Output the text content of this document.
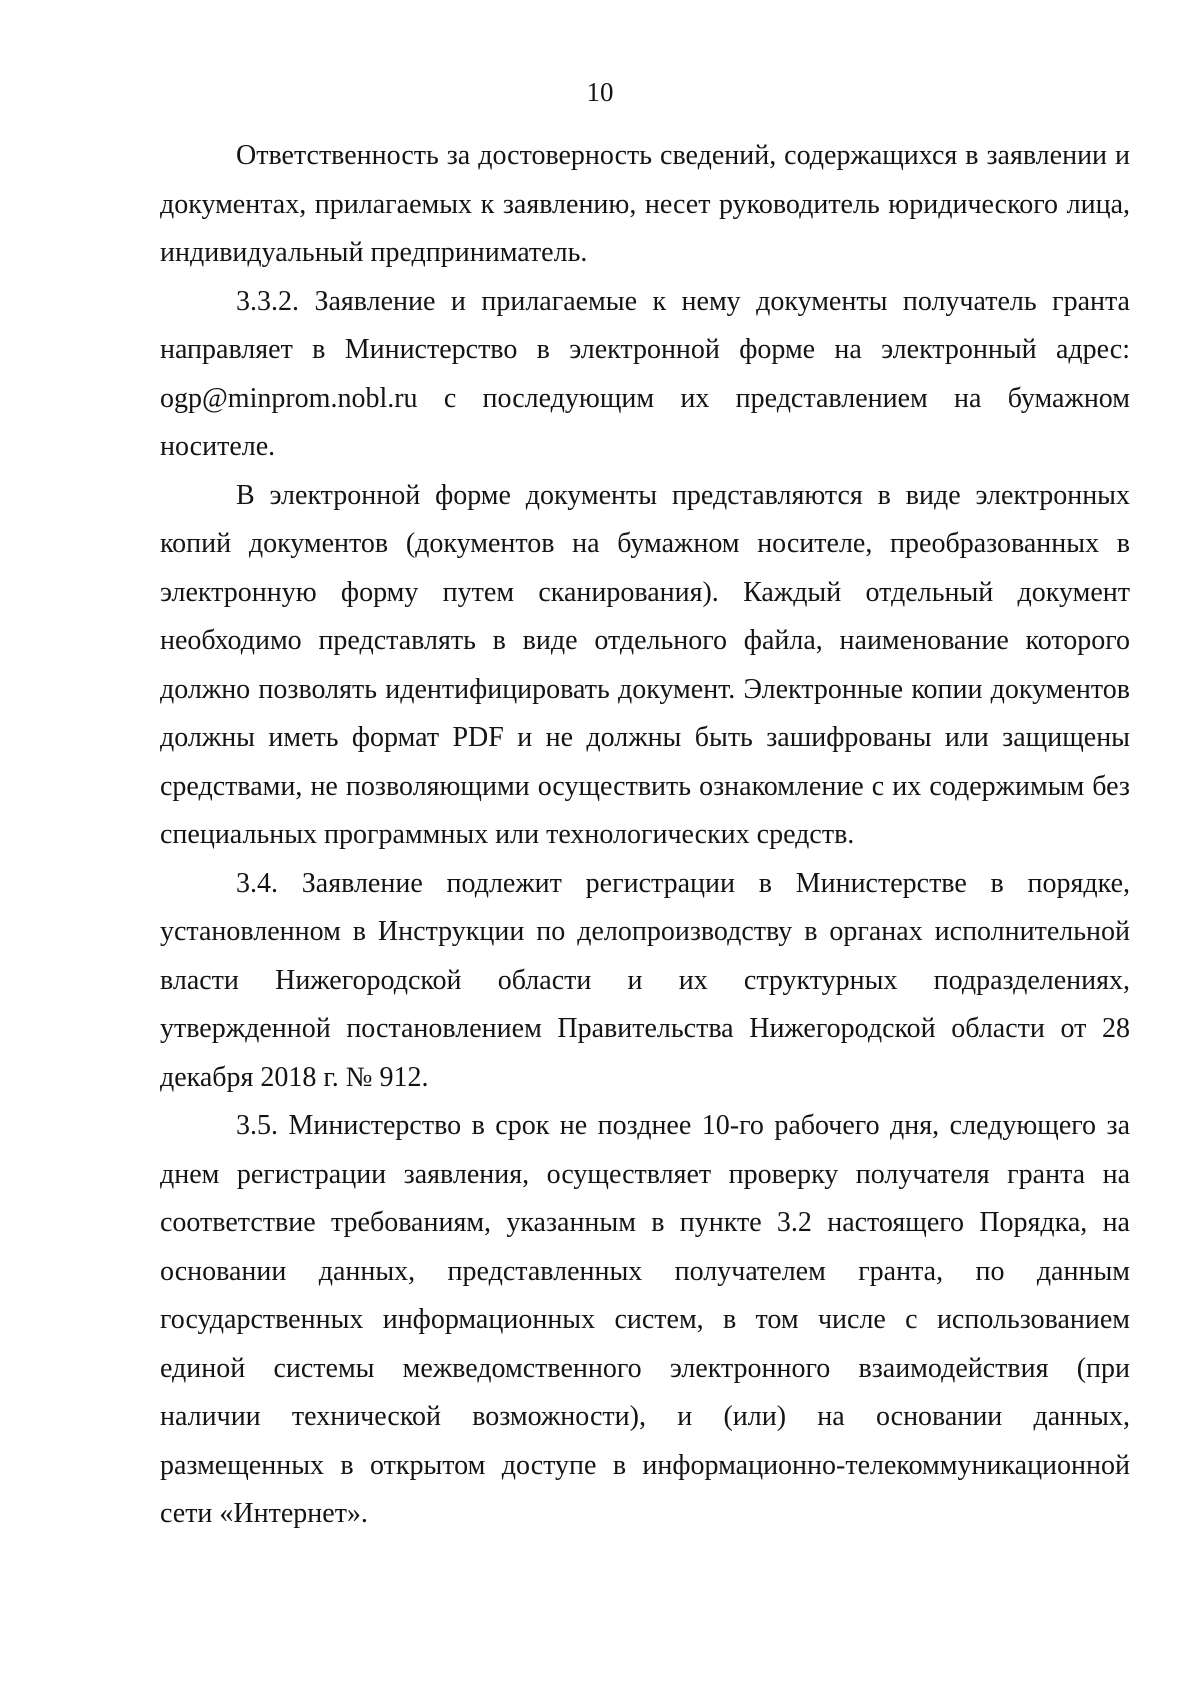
10

Ответственность за достоверность сведений, содержащихся в заявлении и документах, прилагаемых к заявлению, несет руководитель юридического лица, индивидуальный предприниматель.

3.3.2. Заявление и прилагаемые к нему документы получатель гранта направляет в Министерство в электронной форме на электронный адрес: ogp@minprom.nobl.ru с последующим их представлением на бумажном носителе.

В электронной форме документы представляются в виде электронных копий документов (документов на бумажном носителе, преобразованных в электронную форму путем сканирования). Каждый отдельный документ необходимо представлять в виде отдельного файла, наименование которого должно позволять идентифицировать документ. Электронные копии документов должны иметь формат PDF и не должны быть зашифрованы или защищены средствами, не позволяющими осуществить ознакомление с их содержимым без специальных программных или технологических средств.

3.4. Заявление подлежит регистрации в Министерстве в порядке, установленном в Инструкции по делопроизводству в органах исполнительной власти Нижегородской области и их структурных подразделениях, утвержденной постановлением Правительства Нижегородской области от 28 декабря 2018 г. № 912.

3.5. Министерство в срок не позднее 10-го рабочего дня, следующего за днем регистрации заявления, осуществляет проверку получателя гранта на соответствие требованиям, указанным в пункте 3.2 настоящего Порядка, на основании данных, представленных получателем гранта, по данным государственных информационных систем, в том числе с использованием единой системы межведомственного электронного взаимодействия (при наличии технической возможности), и (или) на основании данных, размещенных в открытом доступе в информационно-телекоммуникационной сети «Интернет».
